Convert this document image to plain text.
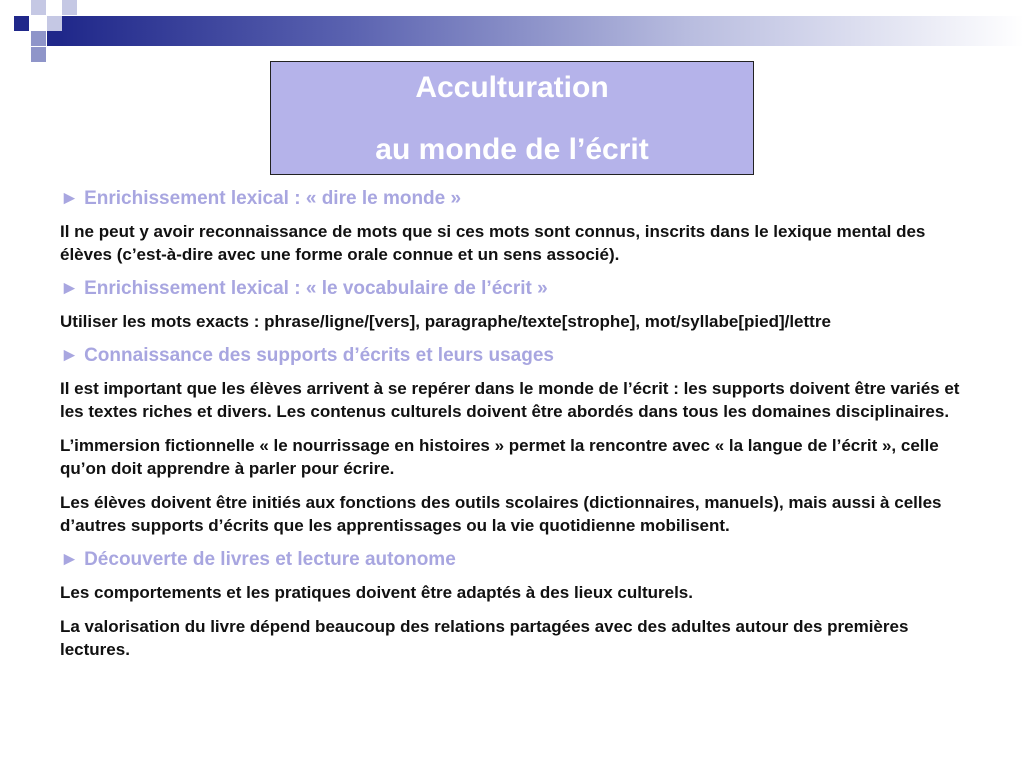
Acculturation
au monde de l’écrit

► Enrichissement lexical : « dire le monde »

Il ne peut y avoir reconnaissance de mots que si ces mots sont connus, inscrits dans le lexique mental des élèves (c’est-à-dire avec une forme orale connue et un sens associé).

► Enrichissement lexical : « le vocabulaire de l’écrit »

Utiliser les mots exacts : phrase/ligne/[vers], paragraphe/texte[strophe], mot/syllabe[pied]/lettre

► Connaissance des supports d’écrits et leurs usages

Il est important que les élèves arrivent à se repérer dans le monde de l’écrit : les supports doivent être variés et les textes riches et divers. Les contenus culturels doivent être abordés dans tous les domaines disciplinaires.

L’immersion fictionnelle « le nourrissage en histoires » permet la rencontre avec « la langue de l’écrit », celle qu’on doit apprendre à parler pour écrire.

Les élèves doivent être initiés aux fonctions des outils scolaires (dictionnaires, manuels), mais aussi à celles d’autres supports d’écrits que les apprentissages ou la vie quotidienne mobilisent.

► Découverte de livres et lecture autonome

Les comportements et les pratiques doivent être adaptés à des lieux culturels.

La valorisation du livre dépend beaucoup des relations partagées avec des adultes autour des premières lectures.
